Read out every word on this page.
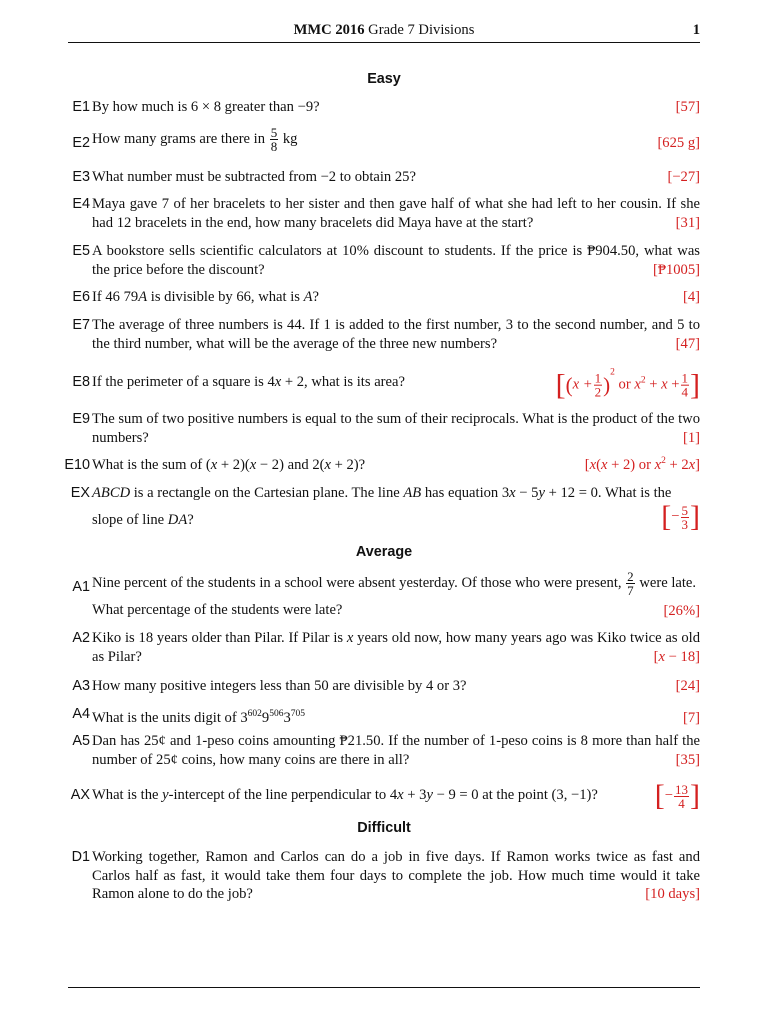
MMC 2016 Grade 7 Divisions	1
Easy
E1 By how much is 6 × 8 greater than −9?	[57]
E2 How many grams are there in $\frac{5}{8}$ kg	[625 g]
E3 What number must be subtracted from −2 to obtain 25?	[−27]
E4 Maya gave 7 of her bracelets to her sister and then gave half of what she had left to her cousin. If she had 12 bracelets in the end, how many bracelets did Maya have at the start?	[31]
E5 A bookstore sells scientific calculators at 10% discount to students. If the price is ₱904.50, what was the price before the discount?	[₱1005]
E6 If 46 79A is divisible by 66, what is A?	[4]
E7 The average of three numbers is 44. If 1 is added to the first number, 3 to the second number, and 5 to the third number, what will be the average of the three new numbers?	[47]
E8 If the perimeter of a square is 4x + 2, what is its area?	[$(x + \frac{1}{2} )^2$ or $x^2 + x + \frac{1}{4}$ ]
E9 The sum of two positive numbers is equal to the sum of their reciprocals. What is the product of the two numbers?	[1]
E10 What is the sum of (x + 2)(x − 2) and 2(x + 2)?	[x(x + 2) or $x^2 + 2x$]
EX ABCD is a rectangle on the Cartesian plane. The line AB has equation 3x − 5y + 12 = 0. What is the
slope of line DA?	[− $\frac{5}{3}$ ]
Average
A1 Nine percent of the students in a school were absent yesterday. Of those who were present, $\frac{2}{7}$ were late.
What percentage of the students were late?	[26%]
A2 Kiko is 18 years older than Pilar. If Pilar is x years old now, how many years ago was Kiko twice as old as Pilar?	[x − 18]
A3 How many positive integers less than 50 are divisible by 4 or 3?	[24]
A4 What is the units digit of $3^{602}9^{506}3^{705}$	[7]
A5 Dan has 25¢ and 1-peso coins amounting ₱21.50. If the number of 1-peso coins is 8 more than half the number of 25¢ coins, how many coins are there in all?	[35]
AX What is the y-intercept of the line perpendicular to 4x + 3y − 9 = 0 at the point (3, −1)?	[− $\frac{13}{4}$ ]
Difficult
D1 Working together, Ramon and Carlos can do a job in five days. If Ramon works twice as fast and Carlos half as fast, it would take them four days to complete the job. How much time would it take Ramon alone to do the job?	[10 days]
